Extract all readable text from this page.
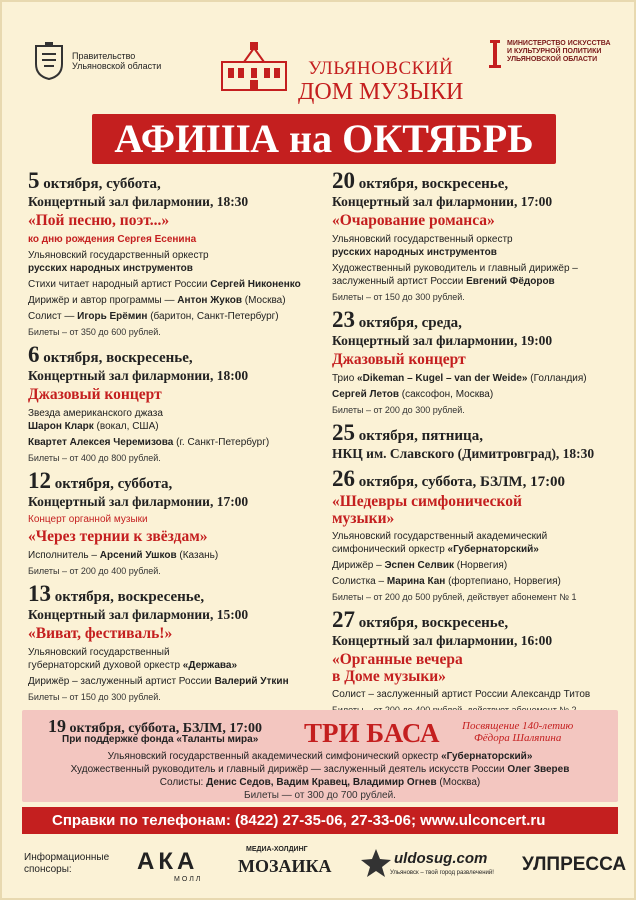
Правительство
Ульяновской области	УЛЬЯНОВСКИЙ
ДОМ МУЗЫКИ
МИНИСТЕРСТВО ИСКУССТВА
И КУЛЬТУРНОЙ ПОЛИТИКИ
УЛЬЯНОВСКОЙ ОБЛАСТИ
АФИША на ОКТЯБРЬ
5 октября, суббота,
Концертный зал филармонии, 18:30
«Пой песню, поэт...»
ко дню рождения Сергея Есенина
Ульяновский государственный оркестр
русских народных инструментов
Стихи читает народный артист России Сергей Никоненко
Дирижёр и автор программы — Антон Жуков (Москва)
Солист — Игорь Ерёмин (баритон, Санкт-Петербург)
Билеты – от 350 до 600 рублей.
6 октября, воскресенье,
Концертный зал филармонии, 18:00
Джазовый концерт
Звезда американского джаза
Шарон Кларк (вокал, США)
Квартет Алексея Черемизова (г. Санкт-Петербург)
Билеты – от 400 до 800 рублей.
12 октября, суббота,
Концертный зал филармонии, 17:00
Концерт органной музыки
«Через тернии к звёздам»
Исполнитель – Арсений Ушков (Казань)
Билеты – от 200 до 400 рублей.
13 октября, воскресенье,
Концертный зал филармонии, 15:00
«Виват, фестиваль!»
Ульяновский государственный
губернаторский духовой оркестр «Держава»
Дирижёр – заслуженный артист России Валерий Уткин
Билеты – от 150 до 300 рублей.
20 октября, воскресенье,
Концертный зал филармонии, 17:00
«Очарование романса»
Ульяновский государственный оркестр
русских народных инструментов
Художественный руководитель и главный дирижёр –
заслуженный артист России Евгений Фёдоров
Билеты – от 150 до 300 рублей.
23 октября, среда,
Концертный зал филармонии, 19:00
Джазовый концерт
Трио «Dikeman – Kugel – van der Weide» (Голландия)
Сергей Летов (саксофон, Москва)
Билеты – от 200 до 300 рублей.
25 октября, пятница,
НКЦ им. Славского (Димитровград), 18:30
26 октября, суббота, БЗЛМ, 17:00
«Шедевры симфонической
музыки»
Ульяновский государственный академический
симфонический оркестр «Губернаторский»
Дирижёр – Эспен Селвик (Норвегия)
Солистка – Марина Кан (фортепиано, Норвегия)
Билеты – от 200 до 500 рублей, действует абонемент № 1
27 октября, воскресенье,
Концертный зал филармонии, 16:00
«Органные вечера
в Доме музыки»
Солист – заслуженный артист России Александр Титов
19 октября, суббота, БЗЛМ, 17:00
При поддержке фонда «Таланты мира» ТРИ БАСА Посвящение 140-летию
Фёдора Шаляпина
Ульяновский государственный академический симфонический оркестр «Губернаторский»
Художественный руководитель и главный дирижёр — заслуженный деятель искусств России Олег Зверев
Солисты: Денис Седов, Вадим Кравец, Владимир Огнев (Москва)
Билеты — от 300 до 700 рублей.
Справки по телефонам: (8422) 27-35-06, 27-33-06; www.ulconcert.ru
Информационные
спонсоры:	АКА
МОЛЛ
МЕДИА-ХОЛДИНГ
МОЗАИКА	uldosug.com
Ульяновск – твой город развлечений! УЛПРЕССА
